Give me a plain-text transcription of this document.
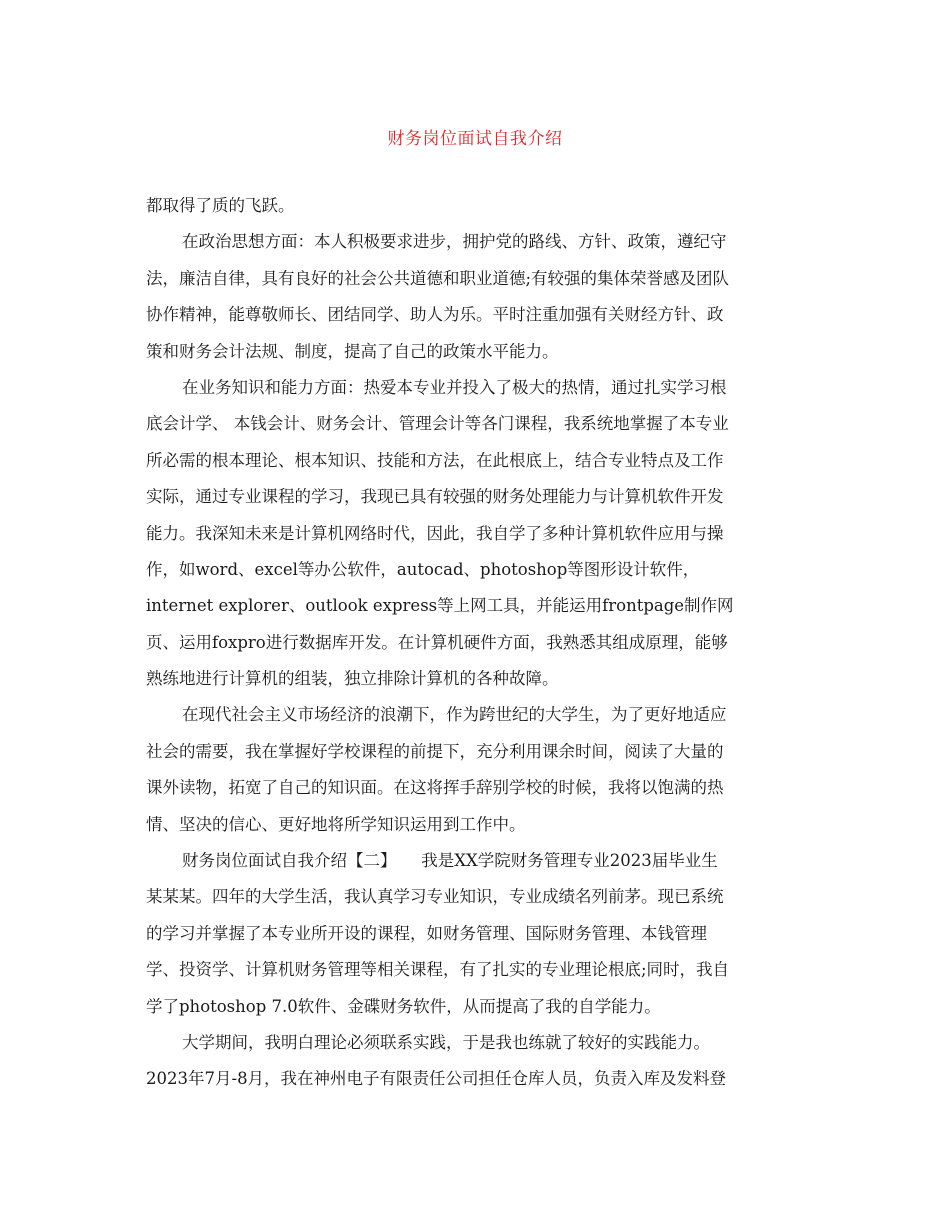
财务岗位面试自我介绍
都取得了质的飞跃。
在政治思想方面：本人积极要求进步，拥护党的路线、方针、政策，遵纪守
法，廉洁自律，具有良好的社会公共道德和职业道德;有较强的集体荣誉感及团队
协作精神，能尊敬师长、团结同学、助人为乐。平时注重加强有关财经方针、政
策和财务会计法规、制度，提高了自己的政策水平能力。
在业务知识和能力方面：热爱本专业并投入了极大的热情，通过扎实学习根
底会计学、 本钱会计、财务会计、管理会计等各门课程，我系统地掌握了本专业
所必需的根本理论、根本知识、技能和方法，在此根底上，结合专业特点及工作
实际，通过专业课程的学习，我现已具有较强的财务处理能力与计算机软件开发
能力。我深知未来是计算机网络时代，因此，我自学了多种计算机软件应用与操
作，如word、excel等办公软件，autocad、photoshop等图形设计软件，
internet explorer、outlook express等上网工具，并能运用frontpage制作网
页、运用foxpro进行数据库开发。在计算机硬件方面，我熟悉其组成原理，能够
熟练地进行计算机的组装，独立排除计算机的各种故障。
在现代社会主义市场经济的浪潮下，作为跨世纪的大学生，为了更好地适应
社会的需要，我在掌握好学校课程的前提下，充分利用课余时间，阅读了大量的
课外读物，拓宽了自己的知识面。在这将挥手辞别学校的时候，我将以饱满的热
情、坚决的信心、更好地将所学知识运用到工作中。
财务岗位面试自我介绍【二】　　我是XX学院财务管理专业2023届毕业生
某某某。四年的大学生活，我认真学习专业知识，专业成绩名列前茅。现已系统
的学习并掌握了本专业所开设的课程，如财务管理、国际财务管理、本钱管理
学、投资学、计算机财务管理等相关课程，有了扎实的专业理论根底;同时，我自
学了photoshop 7.0软件、金碟财务软件，从而提高了我的自学能力。
大学期间，我明白理论必须联系实践，于是我也练就了较好的实践能力。
2023年7月-8月，我在神州电子有限责任公司担任仓库人员，负责入库及发料登
